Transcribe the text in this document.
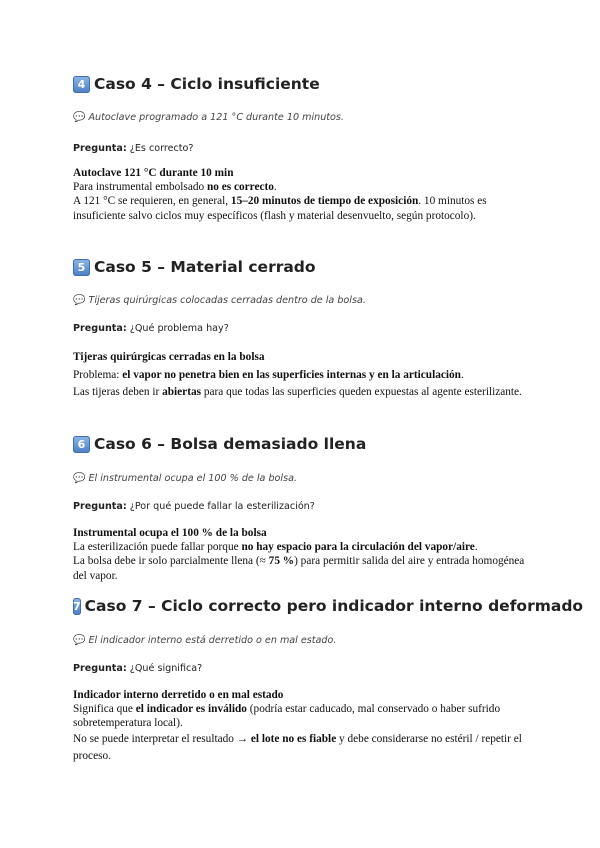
4 Caso 4 – Ciclo insuficiente
💬 Autoclave programado a 121 °C durante 10 minutos.
Pregunta: ¿Es correcto?
Autoclave 121 °C durante 10 min
Para instrumental embolsado no es correcto.
A 121 °C se requieren, en general, 15–20 minutos de tiempo de exposición. 10 minutos es insuficiente salvo ciclos muy específicos (flash y material desenvuelto, según protocolo).
5 Caso 5 – Material cerrado
💬 Tijeras quirúrgicas colocadas cerradas dentro de la bolsa.
Pregunta: ¿Qué problema hay?
Tijeras quirúrgicas cerradas en la bolsa
Problema: el vapor no penetra bien en las superficies internas y en la articulación.
Las tijeras deben ir abiertas para que todas las superficies queden expuestas al agente esterilizante.
6 Caso 6 – Bolsa demasiado llena
💬 El instrumental ocupa el 100 % de la bolsa.
Pregunta: ¿Por qué puede fallar la esterilización?
Instrumental ocupa el 100 % de la bolsa
La esterilización puede fallar porque no hay espacio para la circulación del vapor/aire.
La bolsa debe ir solo parcialmente llena (≈ 75 %) para permitir salida del aire y entrada homogénea del vapor.
7 Caso 7 – Ciclo correcto pero indicador interno deformado
💬 El indicador interno está derretido o en mal estado.
Pregunta: ¿Qué significa?
Indicador interno derretido o en mal estado
Significa que el indicador es inválido (podría estar caducado, mal conservado o haber sufrido sobretemperatura local).
No se puede interpretar el resultado → el lote no es fiable y debe considerarse no estéril / repetir el proceso.
